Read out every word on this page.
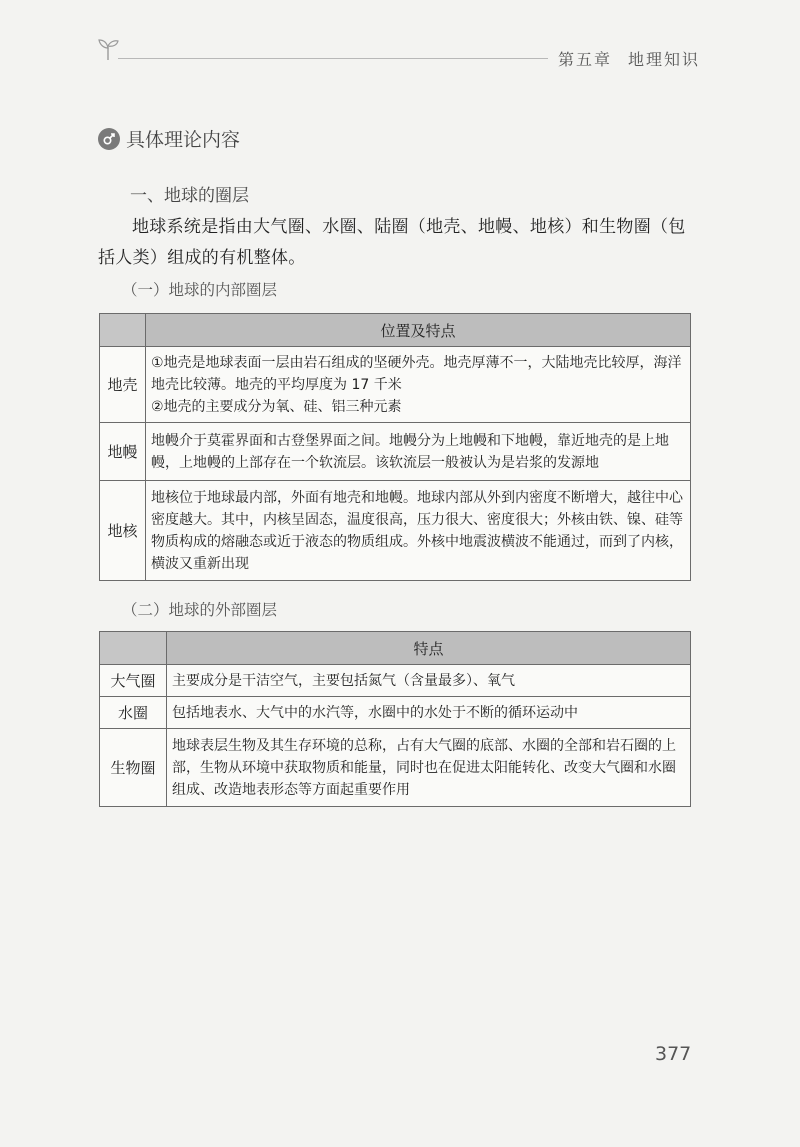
第五章 地理知识
具体理论内容
一、地球的圈层
地球系统是指由大气圈、水圈、陆圈（地壳、地幔、地核）和生物圈（包括人类）组成的有机整体。
（一）地球的内部圈层
	位置及特点
地壳	①地壳是地球表面一层由岩石组成的坚硬外壳。地壳厚薄不一，大陆地壳比较厚，海洋地壳比较薄。地壳的平均厚度为 17 千米
②地壳的主要成分为氧、硅、铝三种元素

地幔	地幔介于莫霍界面和古登堡界面之间。地幔分为上地幔和下地幔，靠近地壳的是上地幔，上地幔的上部存在一个软流层。该软流层一般被认为是岩浆的发源地

地核	地核位于地球最内部，外面有地壳和地幔。地球内部从外到内密度不断增大，越往中心密度越大。其中，内核呈固态，温度很高，压力很大、密度很大；外核由铁、镍、硅等物质构成的熔融态或近于液态的物质组成。外核中地震波横波不能通过，而到了内核，横波又重新出现
（二）地球的外部圈层
	特点
大气圈	主要成分是干洁空气，主要包括氮气（含量最多）、氧气
水圈	包括地表水、大气中的水汽等，水圈中的水处于不断的循环运动中
生物圈	地球表层生物及其生存环境的总称，占有大气圈的底部、水圈的全部和岩石圈的上部，生物从环境中获取物质和能量，同时也在促进太阳能转化、改变大气圈和水圈组成、改造地表形态等方面起重要作用
377
